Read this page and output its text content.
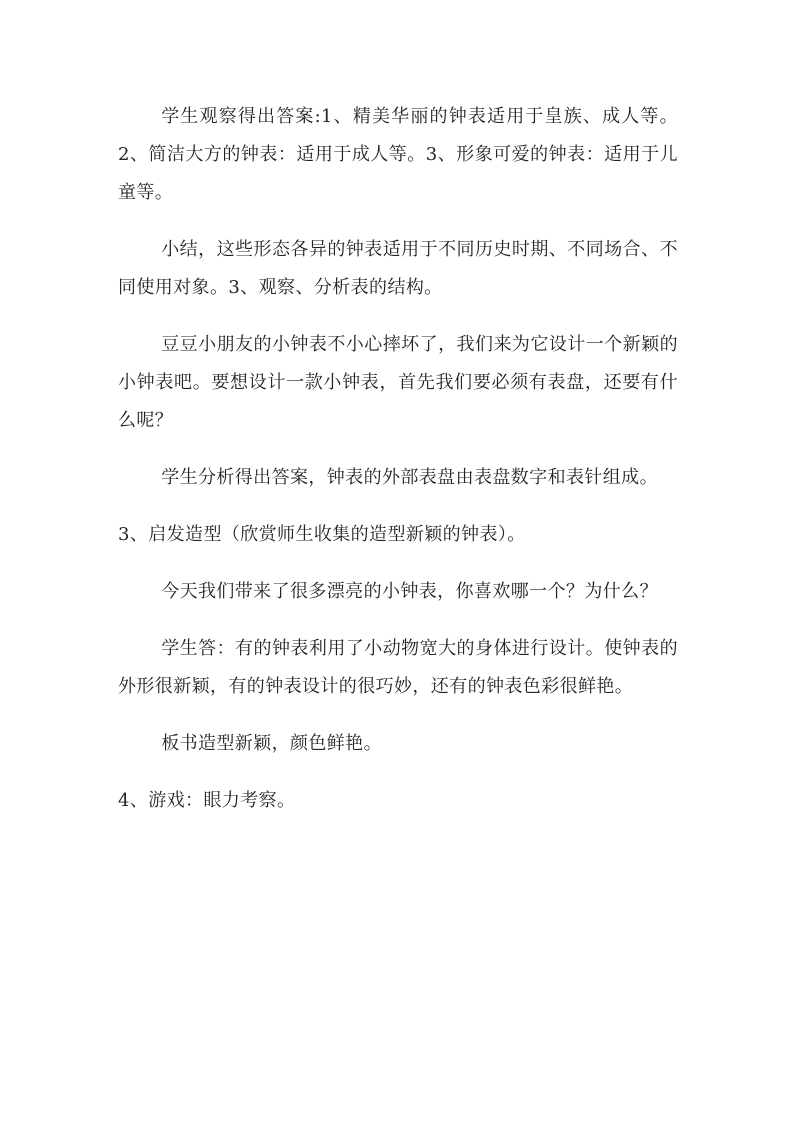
学生观察得出答案:1、精美华丽的钟表适用于皇族、成人等。2、简洁大方的钟表：适用于成人等。3、形象可爱的钟表：适用于儿童等。

小结，这些形态各异的钟表适用于不同历史时期、不同场合、不同使用对象。3、观察、分析表的结构。

豆豆小朋友的小钟表不小心摔坏了，我们来为它设计一个新颖的小钟表吧。要想设计一款小钟表，首先我们要必须有表盘，还要有什么呢？

学生分析得出答案，钟表的外部表盘由表盘数字和表针组成。

3、启发造型（欣赏师生收集的造型新颖的钟表）。

今天我们带来了很多漂亮的小钟表，你喜欢哪一个？为什么？

学生答：有的钟表利用了小动物宽大的身体进行设计。使钟表的外形很新颖，有的钟表设计的很巧妙，还有的钟表色彩很鲜艳。

板书造型新颖，颜色鲜艳。

4、游戏：眼力考察。
